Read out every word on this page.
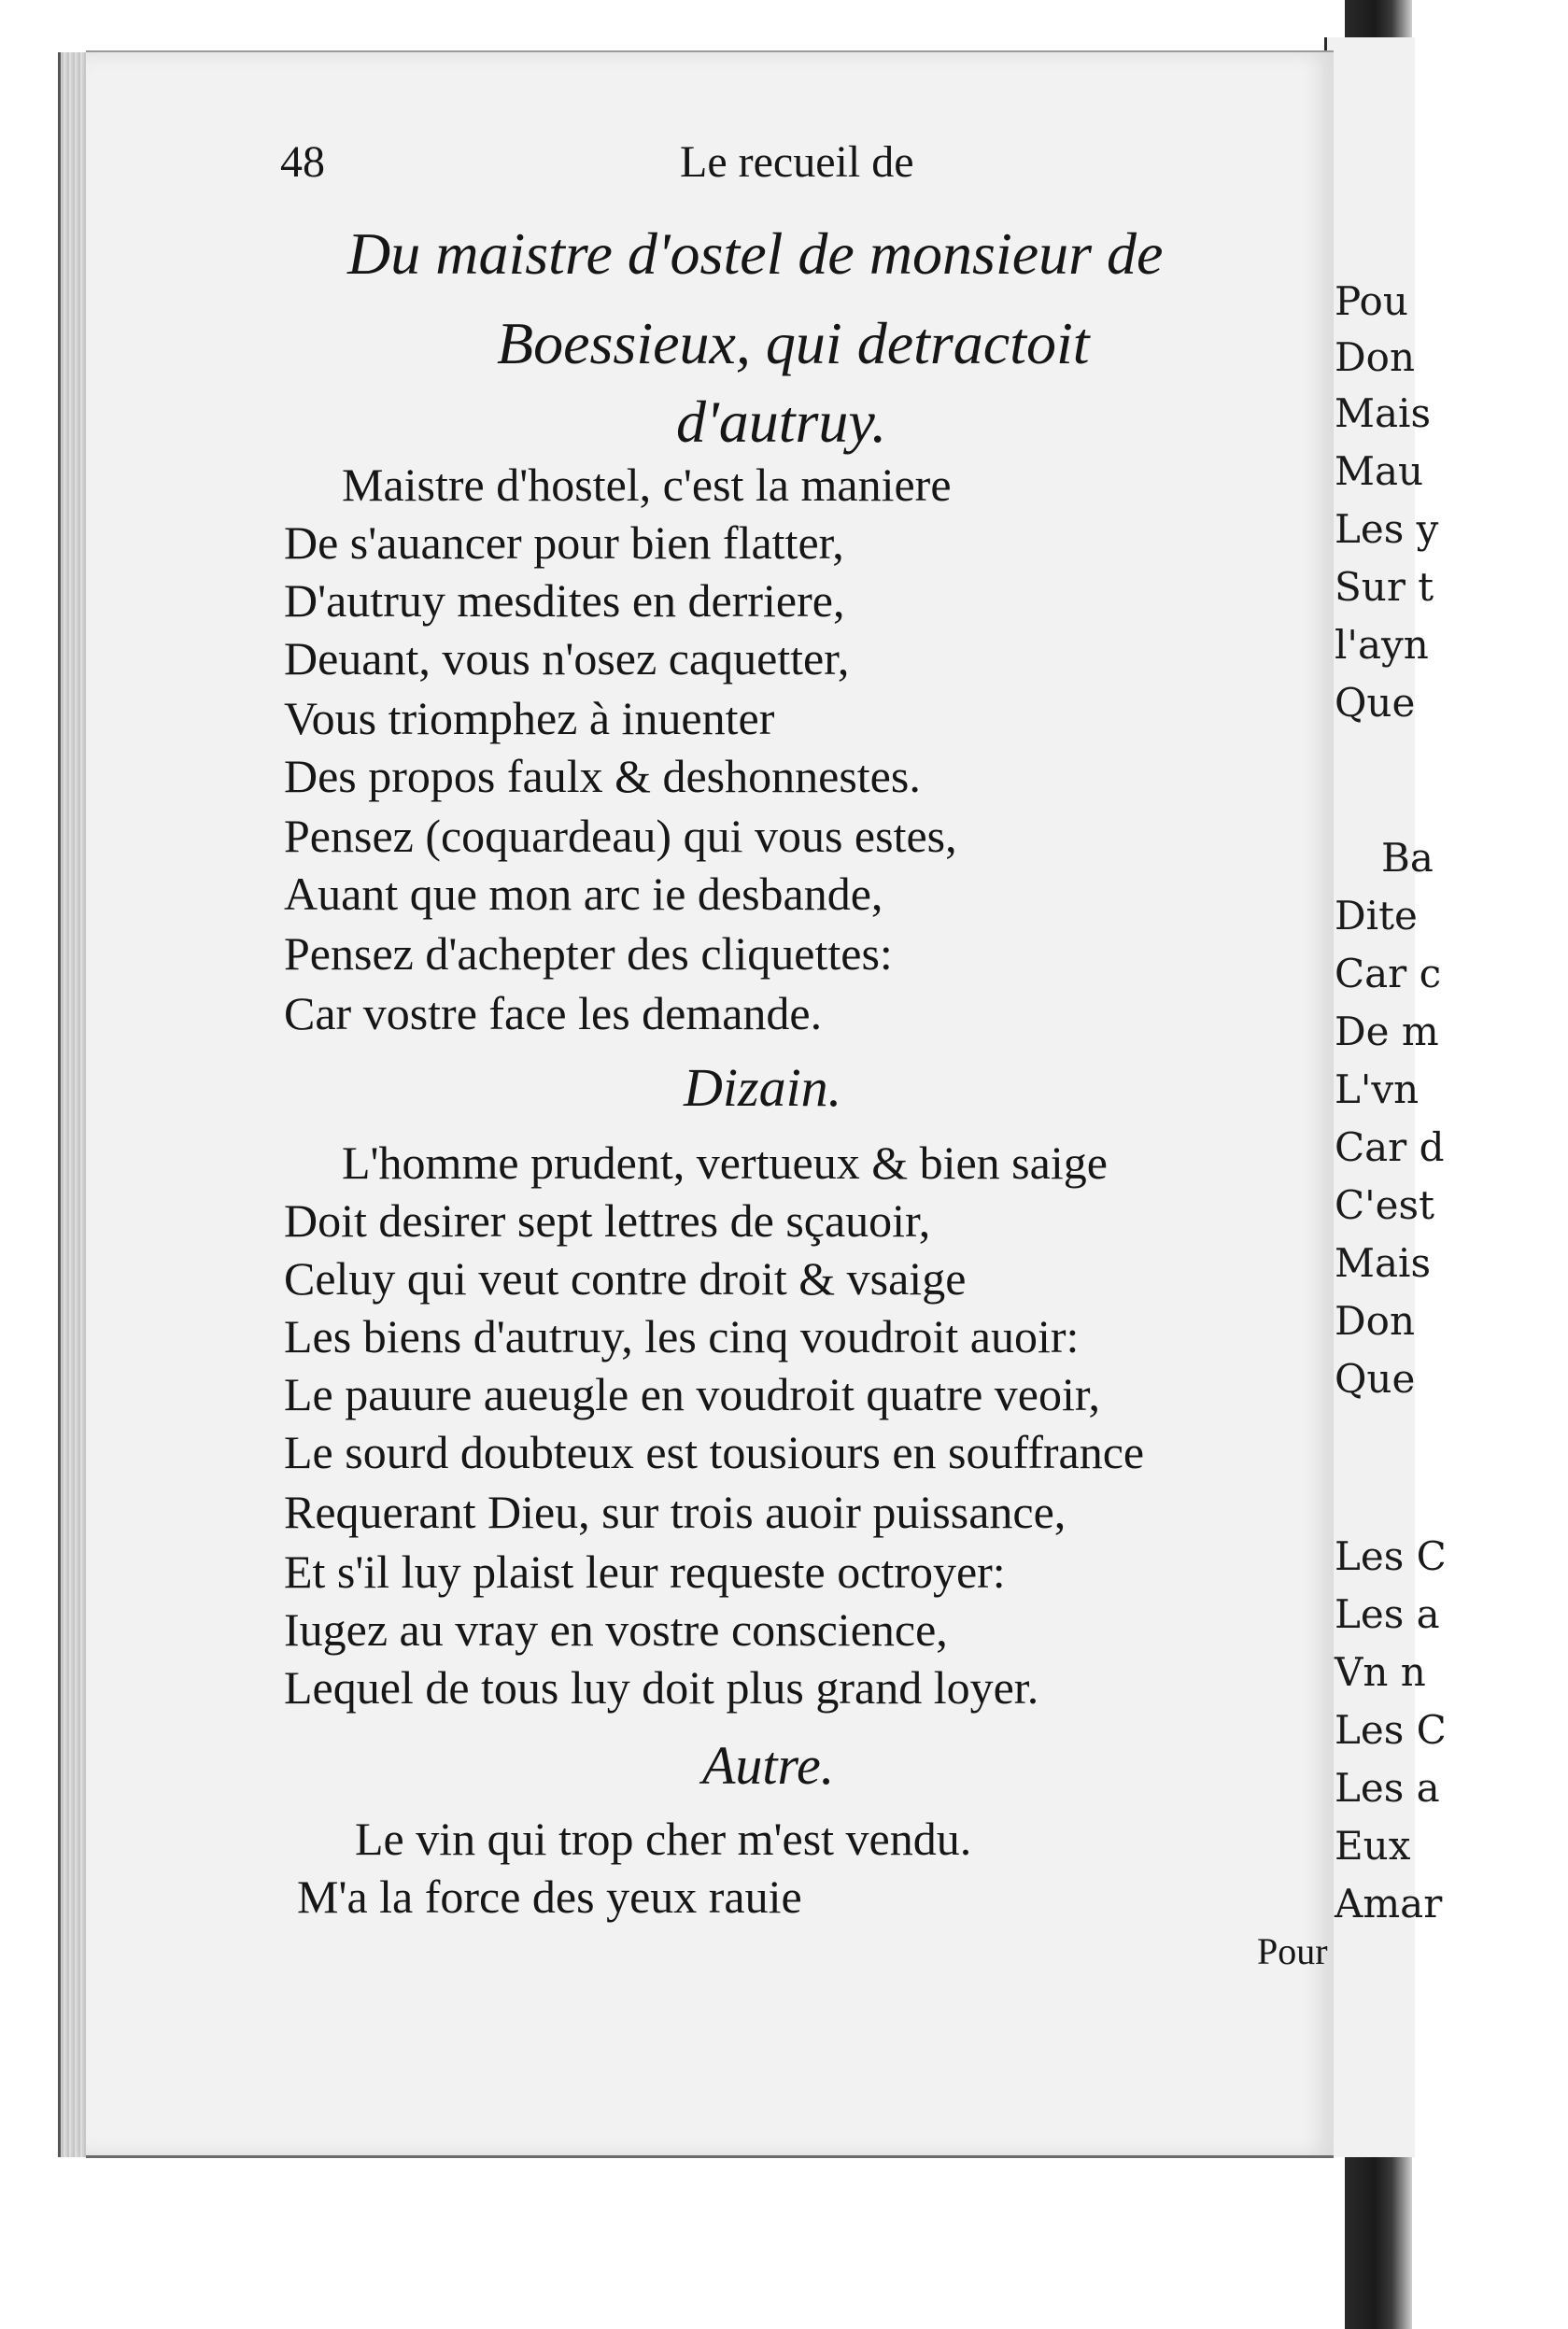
Pou
Don
Mais
Mau
Les y
Sur t
l'ayn
Que
Ba
Dite
Car c
De m
L'vn
Car d
C'est
Mais
Don
Que
Les C
Les a
Vn n
Les C
Les a
Eux
Amar
48	Le recueil de
Du maistre d'ostel de monsieur de
Boessieux, qui detractoit
d'autruy.
Maistre d'hostel, c'est la maniere
De s'auancer pour bien flatter,
D'autruy mesdites en derriere,
Deuant, vous n'osez caquetter,
Vous triomphez à inuenter
Des propos faulx & deshonnestes.
Pensez (coquardeau) qui vous estes,
Auant que mon arc ie desbande,
Pensez d'achepter des cliquettes:
Car vostre face les demande.
Dizain.
L'homme prudent, vertueux & bien saige
Doit desirer sept lettres de sçauoir,
Celuy qui veut contre droit & vsaige
Les biens d'autruy, les cinq voudroit auoir:
Le pauure aueugle en voudroit quatre veoir,
Le sourd doubteux est tousiours en souffrance
Requerant Dieu, sur trois auoir puissance,
Et s'il luy plaist leur requeste octroyer:
Iugez au vray en vostre conscience,
Lequel de tous luy doit plus grand loyer.
Autre.
Le vin qui trop cher m'est vendu.
M'a la force des yeux rauie
Pour
